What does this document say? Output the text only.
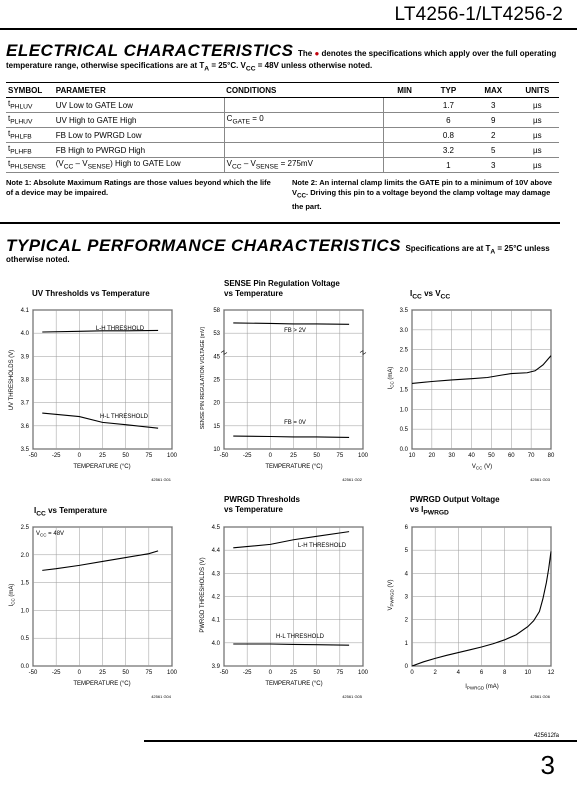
LT4256-1/LT4256-2
ELECTRICAL CHARACTERISTICS The ● denotes the specifications which apply over the full operating
temperature range, otherwise specifications are at $T_A = 25^\circ C$. $V_{CC} = 48V$ unless otherwise noted.
SYMBOL	PARAMETER	CONDITIONS	MIN	TYP	MAX	UNITS
$t_{PHLUV}$	UV Low to GATE Low			1.7	3	µs
$t_{PLHUV}$	UV High to GATE High	$C_{GATE} = 0$		6	9	µs
$t_{PHLFB}$	FB Low to PWRGD Low			0.8	2	µs
$t_{PLHFB}$	FB High to PWRGD High			3.2	5	µs
$t_{PHLSENSE}$	$(V_{CC} - V_{SENSE})$ High to GATE Low	$V_{CC} - V_{SENSE} = 275mV$		1	3	µs
Note 1: Absolute Maximum Ratings are those values beyond which the life of a device may be impaired.
Note 2: An internal clamp limits the GATE pin to a minimum of 10V above $V_{CC}$. Driving this pin to a voltage beyond the clamp voltage may damage the part.
TYPICAL PERFORMANCE CHARACTERISTICS Specifications are at $T_A = 25^\circ C$ unless
otherwise noted.
UV Thresholds vs Temperature
SENSE Pin Regulation Voltage
vs Temperature	$I_{CC}$ vs $V_{CC}$
$I_{CC}$ vs Temperature
PWRGD Thresholds
vs Temperature
PWRGD Output Voltage
vs $I_{PWRGD}$
-50 -25	0	25	50	75 100
3.5
3.6
3.7
3.8
3.9
4.0
4.1
L-H THRESHOLD
H-L THRESHOLD
TEMPERATURE (°C)
UV THRESHOLDS (V)
42561 G01
-50 -25	0	25	50	75 100
10
15
20
25
45
53
58
FB > 2V
FB = 0V
TEMPERATURE (°C)
SENSE PIN REGULATION VOLTAGE (mV)
42561 G02
10 20 30 40 50 60 70 80
0.0
0.5
1.0
1.5
2.0
2.5
3.0
3.5
$V_{CC}$ (V)
$I_{CC}$ (mA)
42561 G03
-50 -25	0	25	50	75 100
0.0
0.5
1.0
1.5
2.0
2.5
$V_{CC} = 48V$
TEMPERATURE (°C)
$I_{CC}$ (mA)
42561 G04
-50 -25	0	25	50	75 100
3.9
4.0
4.1
4.2
4.3
4.4
4.5
L-H THRESHOLD
H-L THRESHOLD
TEMPERATURE (°C)
PWRGD THRESHOLDS (V)
42561 G05
0	2	4	6	8	10	12
0
1
2
3
4
5
6
$I_{PWRGD}$ (mA)
$V_{PWRGD}$ (V)
42561 G06
425612fa
3
